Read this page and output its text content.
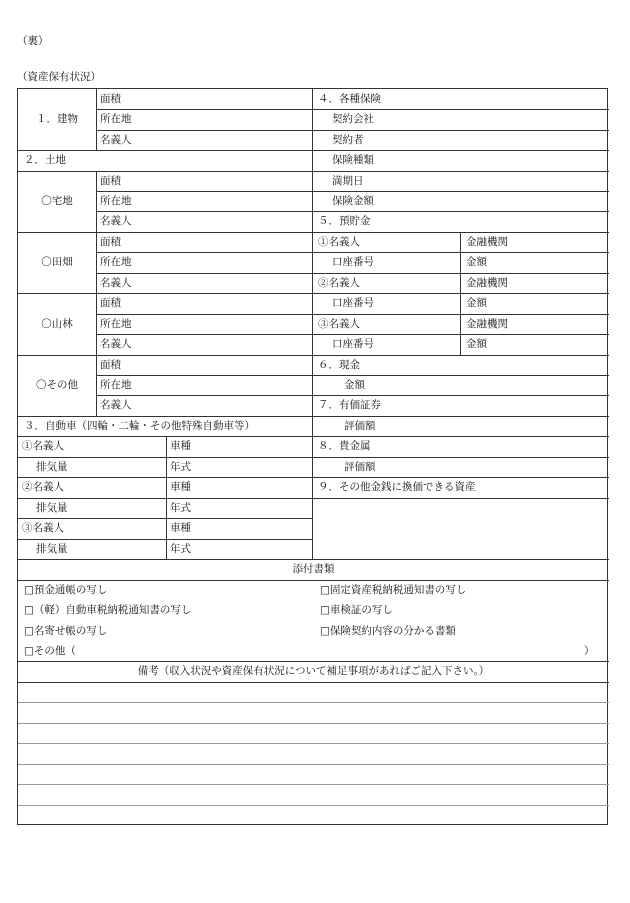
（裏）
（資産保有状況）
１．建物
面積
所在地
名義人
２．土地
〇宅地
面積
所在地
名義人
〇田畑
面積
所在地
名義人
〇山林
面積
所在地
名義人
〇その他
面積
所在地
名義人
３．自動車（四輪・二輪・その他特殊自動車等）
①名義人	車種
排気量	年式
②名義人	車種
排気量	年式
③名義人	車種
排気量	年式
４．各種保険
契約会社
契約者
保険種類
満期日
保険金額
５．預貯金
①名義人	金融機関
口座番号	金額
②名義人	金融機関
口座番号	金額
③名義人	金融機関
口座番号	金額
６．現金
金額
７．有価証券
評価額
８．貴金属
評価額
９．その他金銭に換価できる資産
添付書類
□預金通帳の写し	□固定資産税納税通知書の写し
□（軽）自動車税納税通知書の写し	□車検証の写し
□名寄せ帳の写し	□保険契約内容の分かる書類
□その他（	）
備考（収入状況や資産保有状況について補足事項があればご記入下さい。）
